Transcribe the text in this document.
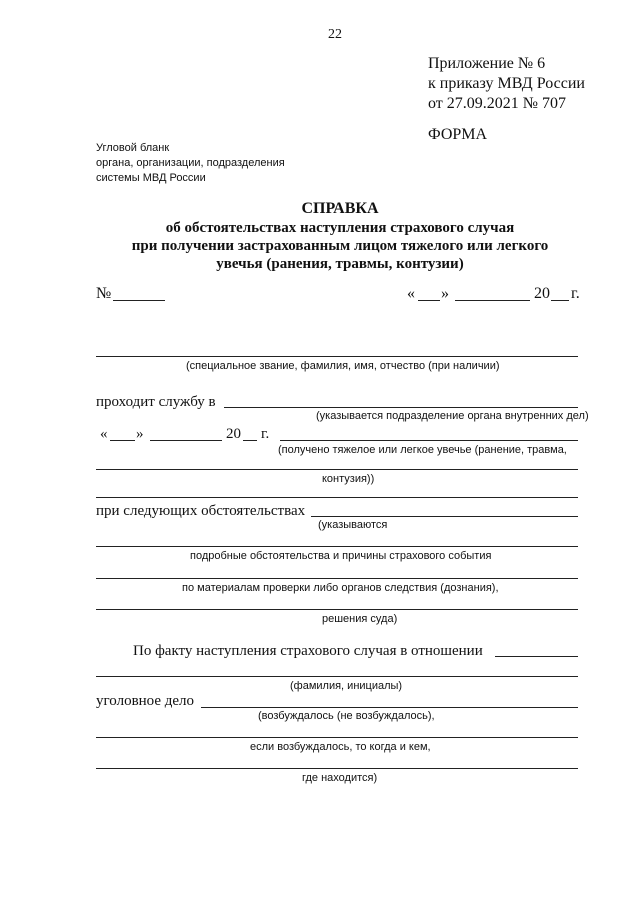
22
Приложение № 6
к приказу МВД России
от 27.09.2021 № 707
ФОРМА
Угловой бланк
органа, организации, подразделения
системы МВД России
СПРАВКА
об обстоятельствах наступления страхового случая
при получении застрахованным лицом тяжелого или легкого
увечья (ранения, травмы, контузии)
№	« »	20 г.
(специальное звание, фамилия, имя, отчество (при наличии)
проходит службу в
(указывается подразделение органа внутренних дел)
« »	20 г.
(получено тяжелое или легкое увечье (ранение, травма,
контузия))
при следующих обстоятельствах
(указываются
подробные обстоятельства и причины страхового события
по материалам проверки либо органов следствия (дознания),
решения суда)
По факту наступления страхового случая в отношении
(фамилия, инициалы)
уголовное дело
(возбуждалось (не возбуждалось),
если возбуждалось, то когда и кем,
где находится)
